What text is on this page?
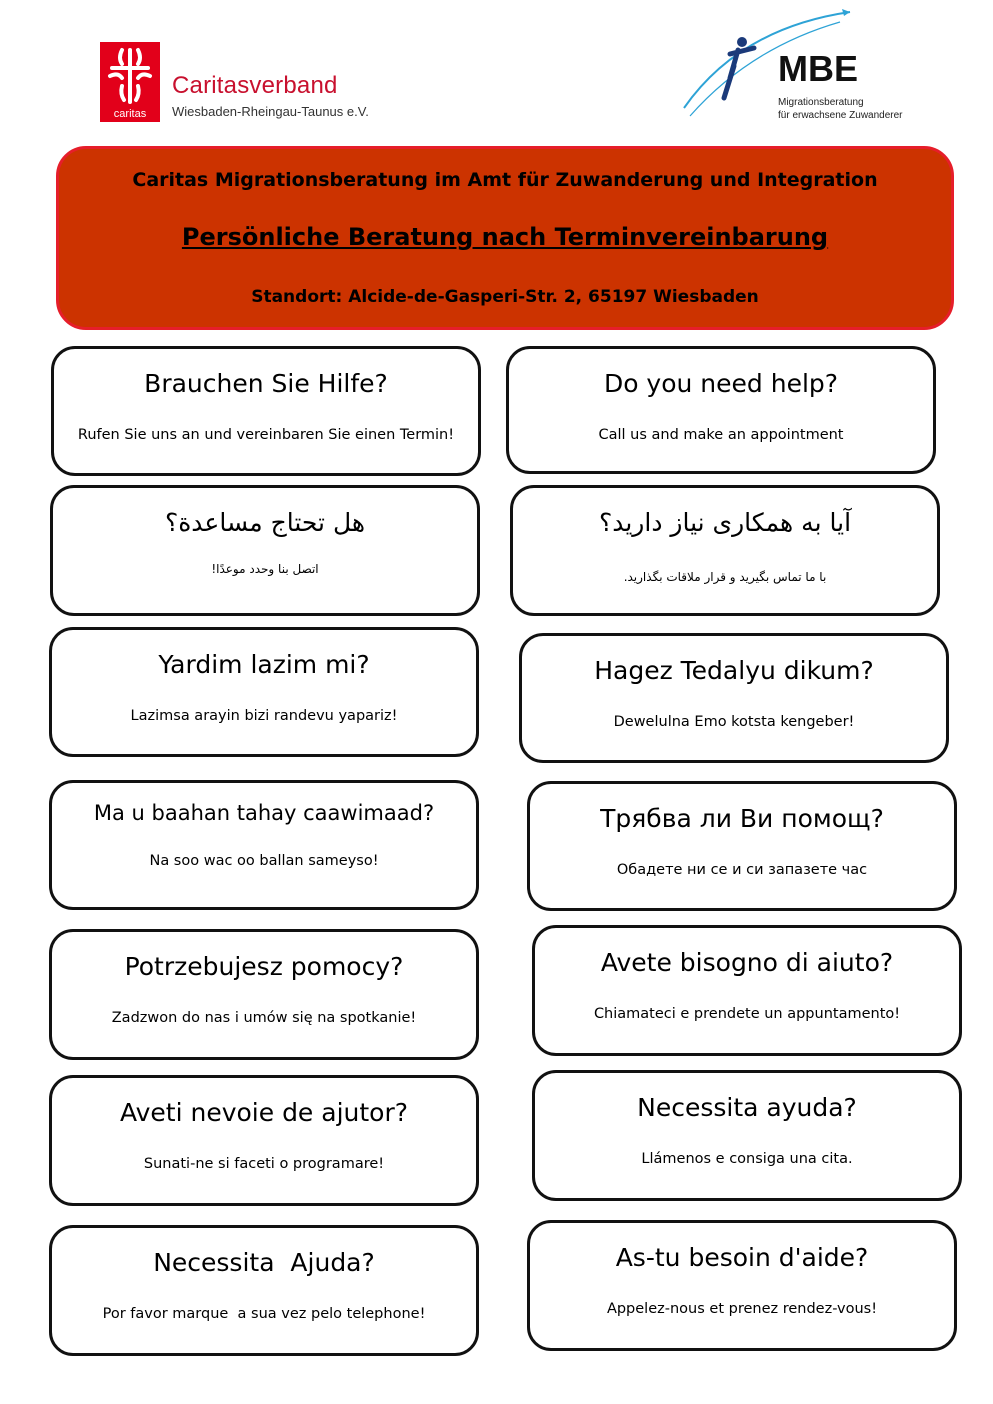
caritas
Caritasverband
Wiesbaden-Rheingau-Taunus e.V.
MBE
Migrationsberatung
für erwachsene Zuwanderer
Caritas Migrationsberatung im Amt für Zuwanderung und Integration
Persönliche Beratung nach Terminvereinbarung
Standort: Alcide-de-Gasperi-Str. 2, 65197 Wiesbaden
Brauchen Sie Hilfe?
Rufen Sie uns an und vereinbaren Sie einen Termin!
Do you need help?
Call us and make an appointment
هل تحتاج مساعدة؟
اتصل بنا وحدد موعدًا!
آیا به همکاری نیاز دارید؟
با ما تماس بگیرید و قرار ملاقات بگذارید.
Yardim lazim mi?
Lazimsa arayin bizi randevu yapariz!
Hagez Tedalyu dikum?
Dewelulna Emo kotsta kengeber!
Ma u baahan tahay caawimaad?
Na soo wac oo ballan sameyso!
Трябва ли Ви помощ?
Обадете ни се и си запазете час
Potrzebujesz pomocy?
Zadzwon do nas i umów się na spotkanie!
Avete bisogno di aiuto?
Chiamateci e prendete un appuntamento!
Aveti nevoie de ajutor?
Sunati-ne si faceti o programare!
Necessita ayuda?
Llámenos e consiga una cita.
Necessita  Ajuda?
Por favor marque  a sua vez pelo telephone!
As-tu besoin d'aide?
Appelez-nous et prenez rendez-vous!
